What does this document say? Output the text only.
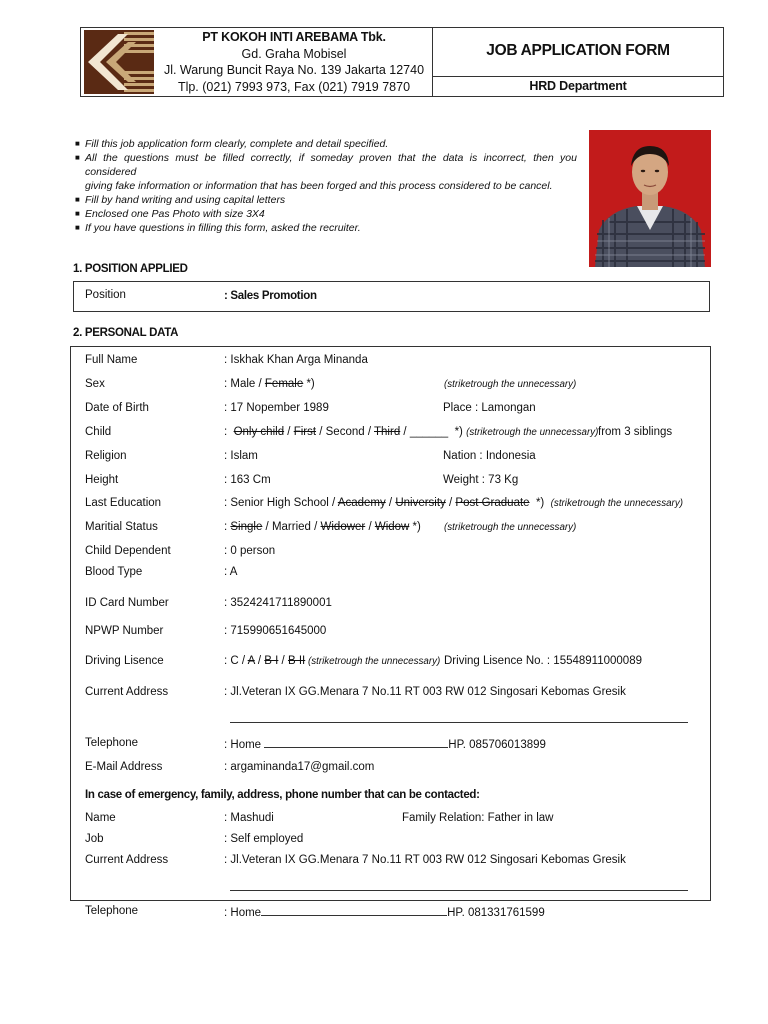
PT KOKOH INTI AREBAMA Tbk.
Gd. Graha Mobisel
Jl. Warung Buncit Raya No. 139 Jakarta 12740
Tlp. (021) 7993 973, Fax (021) 7919 7870
JOB APPLICATION FORM
HRD Department
■ Fill this job application form clearly, complete and detail specified.
■ All the questions must be filled correctly, if someday proven that the data is incorrect, then you
considered
giving fake information or information that has been forged and this process considered to be cancel.
■ Fill by hand writing and using capital letters
■ Enclosed one Pas Photo with size 3X4
■ If you have questions in filling this form, asked the recruiter.
1. POSITION APPLIED
Position	: Sales Promotion
2. PERSONAL DATA
Full Name	: Iskhak Khan Arga Minanda
Sex	: Male / Female *)	(striketrough the unnecessary)
Date of Birth	: 17 Nopember 1989	Place : Lamongan
Child	:  Only child / First / Second / Third / ______  *) (striketrough the unnecessary) from 3 siblings
Religion	: Islam	Nation : Indonesia
Height	: 163 Cm	Weight : 73 Kg
Last Education	: Senior High School / Academy / University / Post Graduate  *) (striketrough the unnecessary)
Maritial Status	: Single / Married / Widower / Widow *) (striketrough the unnecessary)
Child Dependent	: 0 person
Blood Type	: A
ID Card Number	: 3524241711890001
NPWP Number	: 715990651645000
Driving Lisence	: C / A / B I / B II (striketrough the unnecessary) Driving Lisence No. : 15548911000089
Current Address	: Jl.Veteran IX GG.Menara 7 No.11 RT 003 RW 012 Singosari Kebomas Gresik
Telephone	: Home	HP. 085706013899
E-Mail Address	: argaminanda17@gmail.com
In case of emergency, family, address, phone number that can be contacted:
Name	: Mashudi	Family Relation: Father in law
Job	: Self employed
Current Address	: Jl.Veteran IX GG.Menara 7 No.11 RT 003 RW 012 Singosari Kebomas Gresik
Telephone	: Home	HP. 081331761599
